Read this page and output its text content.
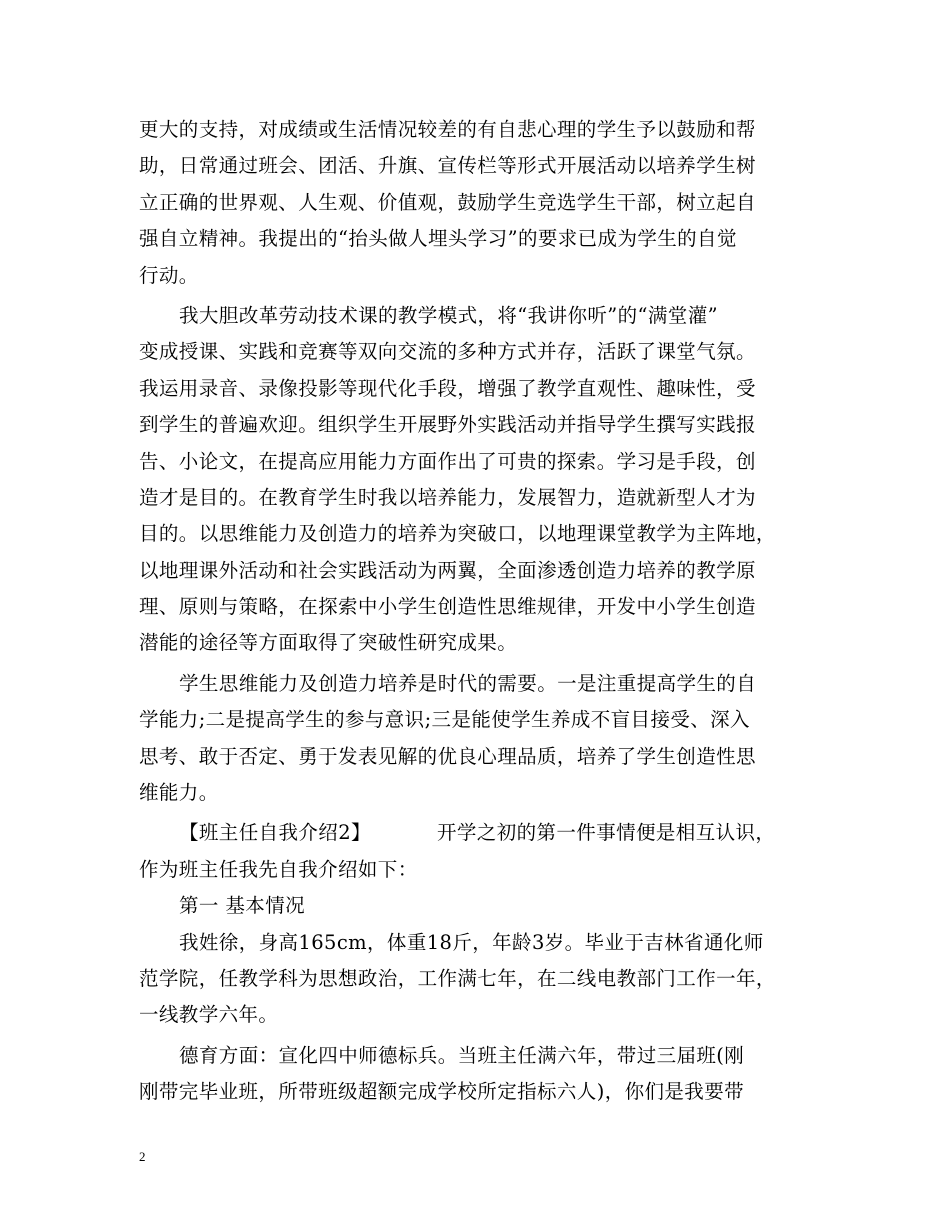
更大的支持，对成绩或生活情况较差的有自悲心理的学生予以鼓励和帮
助，日常通过班会、团活、升旗、宣传栏等形式开展活动以培养学生树
立正确的世界观、人生观、价值观，鼓励学生竞选学生干部，树立起自
强自立精神。我提出的“抬头做人埋头学习”的要求已成为学生的自觉
行动。
我大胆改革劳动技术课的教学模式，将“我讲你听”的“满堂灌”
变成授课、实践和竞赛等双向交流的多种方式并存，活跃了课堂气氛。
我运用录音、录像投影等现代化手段，增强了教学直观性、趣味性，受
到学生的普遍欢迎。组织学生开展野外实践活动并指导学生撰写实践报
告、小论文，在提高应用能力方面作出了可贵的探索。学习是手段，创
造才是目的。在教育学生时我以培养能力，发展智力，造就新型人才为
目的。以思维能力及创造力的培养为突破口，以地理课堂教学为主阵地，
以地理课外活动和社会实践活动为两翼，全面渗透创造力培养的教学原
理、原则与策略，在探索中小学生创造性思维规律，开发中小学生创造
潜能的途径等方面取得了突破性研究成果。
学生思维能力及创造力培养是时代的需要。一是注重提高学生的自
学能力;二是提高学生的参与意识;三是能使学生养成不盲目接受、深入
思考、敢于否定、勇于发表见解的优良心理品质，培养了学生创造性思
维能力。
【班主任自我介绍2】	开学之初的第一件事情便是相互认识，
作为班主任我先自我介绍如下：
第一 基本情况
我姓徐，身高165cm，体重18斤，年龄3岁。毕业于吉林省通化师
范学院，任教学科为思想政治，工作满七年，在二线电教部门工作一年，
一线教学六年。
德育方面：宣化四中师德标兵。当班主任满六年，带过三届班(刚
刚带完毕业班，所带班级超额完成学校所定指标六人)，你们是我要带
2
